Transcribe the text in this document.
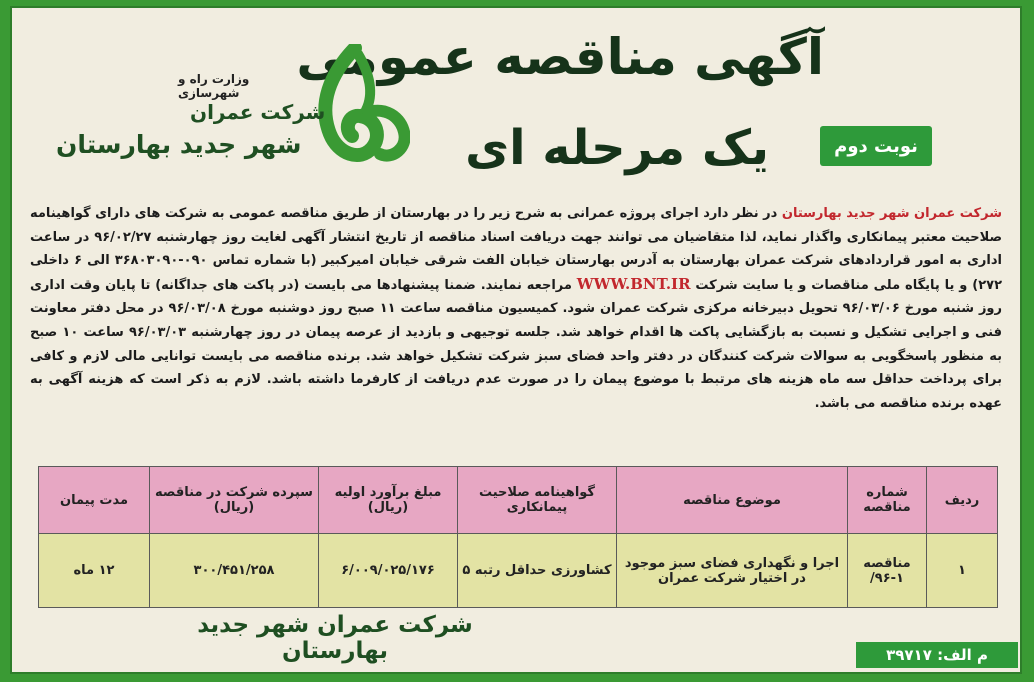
آگهی مناقصه عمومی
یک مرحله ای	نوبت دوم
وزارت راه و شهرسازی
شرکت عمران
شهر جدید بهارستان
شرکت عمران شهر جدید بهارستان در نظر دارد اجرای پروژه عمرانی به شرح زیر را در بهارستان از طریق مناقصه عمومی به شرکت های دارای گواهینامه صلاحیت معتبر پیمانکاری واگذار نماید، لذا متقاضیان می توانند جهت دریافت اسناد مناقصه از تاریخ انتشار آگهی لغایت روز چهارشنبه ۹۶/۰۲/۲۷ در ساعت اداری به امور قراردادهای شرکت عمران بهارستان به آدرس بهارستان خیابان الفت شرقی خیابان امیرکبیر (با شماره تماس ۰۹۰-۳۶۸۰۳۰۹۰ الی ۶ داخلی ۲۷۲) و یا پایگاه ملی مناقصات و یا سایت شرکت WWW.BNT.IR مراجعه نمایند. ضمنا پیشنهادها می بایست (در پاکت های جداگانه) تا پایان وقت اداری روز شنبه مورخ ۹۶/۰۳/۰۶ تحویل دبیرخانه مرکزی شرکت عمران شود. کمیسیون مناقصه ساعت ۱۱ صبح روز دوشنبه مورخ ۹۶/۰۳/۰۸ در محل دفتر معاونت فنی و اجرایی تشکیل و نسبت به بازگشایی پاکت ها اقدام خواهد شد. جلسه توجیهی و بازدید از عرصه پیمان در روز چهارشنبه ۹۶/۰۳/۰۳ ساعت ۱۰ صبح به منظور پاسخگویی به سوالات شرکت کنندگان در دفتر واحد فضای سبز شرکت تشکیل خواهد شد. برنده مناقصه می بایست توانایی مالی لازم و کافی برای پرداخت حداقل سه ماه هزینه های مرتبط با موضوع پیمان را در صورت عدم دریافت از کارفرما داشته باشد. لازم به ذکر است که هزینه آگهی به عهده برنده مناقصه می باشد.
ردیف	شماره مناقصه	موضوع مناقصه	گواهینامه صلاحیت پیمانکاری	مبلغ برآورد اولیه (ریال)	سپرده شرکت در مناقصه (ریال)	مدت پیمان
۱	مناقصه ۱-۹۶/	اجرا و نگهداری فضای سبز موجود در اختیار شرکت عمران	کشاورزی حداقل رتبه ۵	۶/۰۰۹/۰۲۵/۱۷۶	۳۰۰/۴۵۱/۲۵۸	۱۲ ماه
شرکت عمران شهر جدید بهارستان	م الف: ۳۹۷۱۷
